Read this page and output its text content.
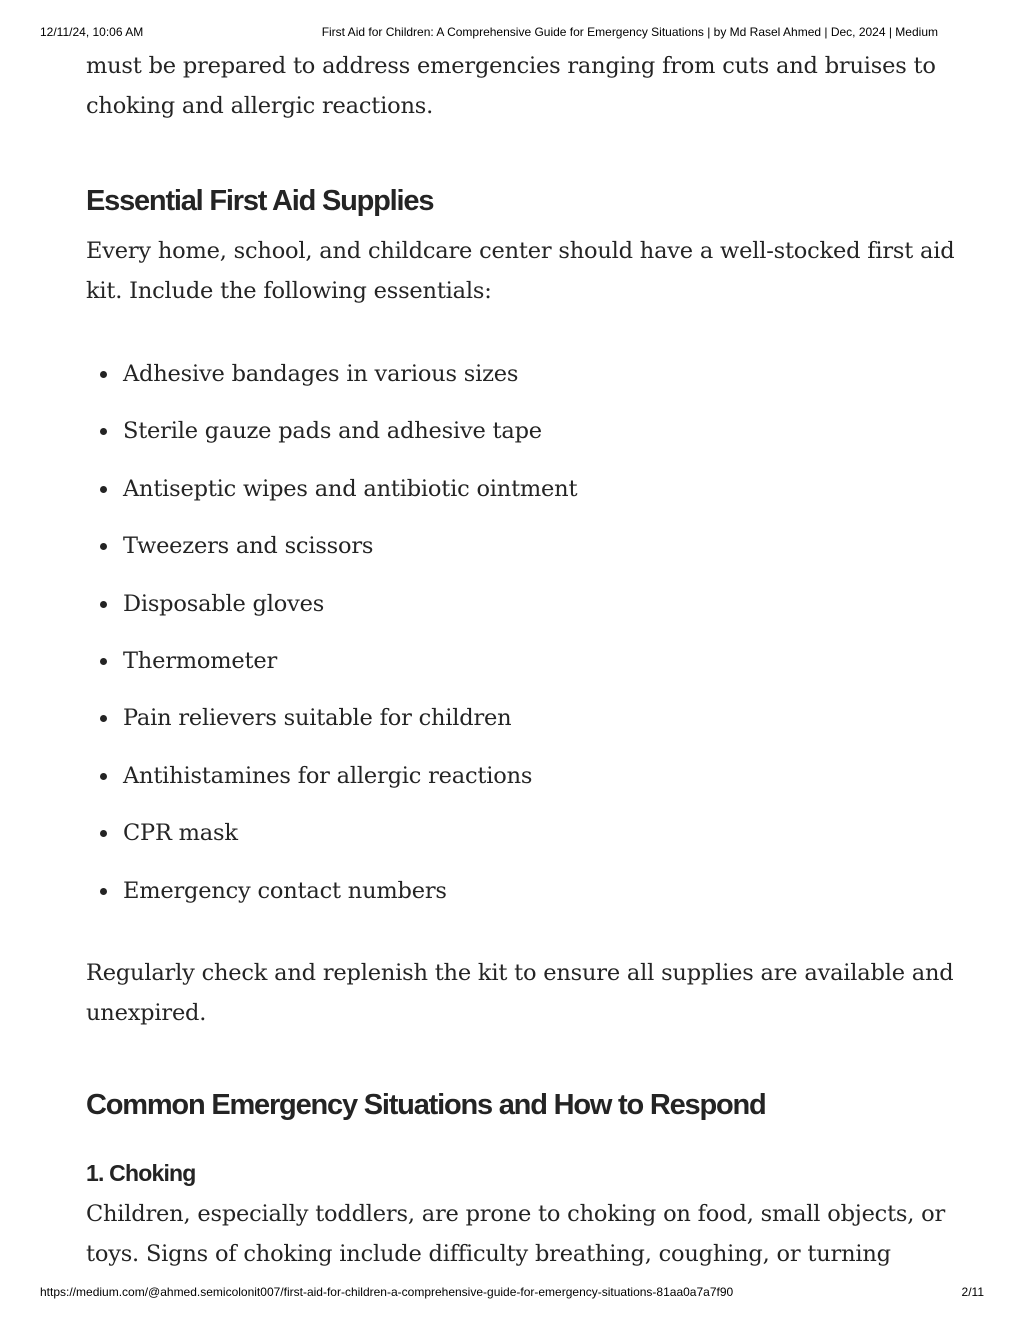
12/11/24, 10:06 AM	First Aid for Children: A Comprehensive Guide for Emergency Situations | by Md Rasel Ahmed | Dec, 2024 | Medium

must be prepared to address emergencies ranging from cuts and bruises to choking and allergic reactions.

Essential First Aid Supplies

Every home, school, and childcare center should have a well-stocked first aid kit. Include the following essentials:

Adhesive bandages in various sizes
Sterile gauze pads and adhesive tape
Antiseptic wipes and antibiotic ointment
Tweezers and scissors
Disposable gloves
Thermometer
Pain relievers suitable for children
Antihistamines for allergic reactions
CPR mask
Emergency contact numbers

Regularly check and replenish the kit to ensure all supplies are available and unexpired.

Common Emergency Situations and How to Respond
1. Choking

Children, especially toddlers, are prone to choking on food, small objects, or toys. Signs of choking include difficulty breathing, coughing, or turning

https://medium.com/@ahmed.semicolonit007/first-aid-for-children-a-comprehensive-guide-for-emergency-situations-81aa0a7a7f90	2/11
